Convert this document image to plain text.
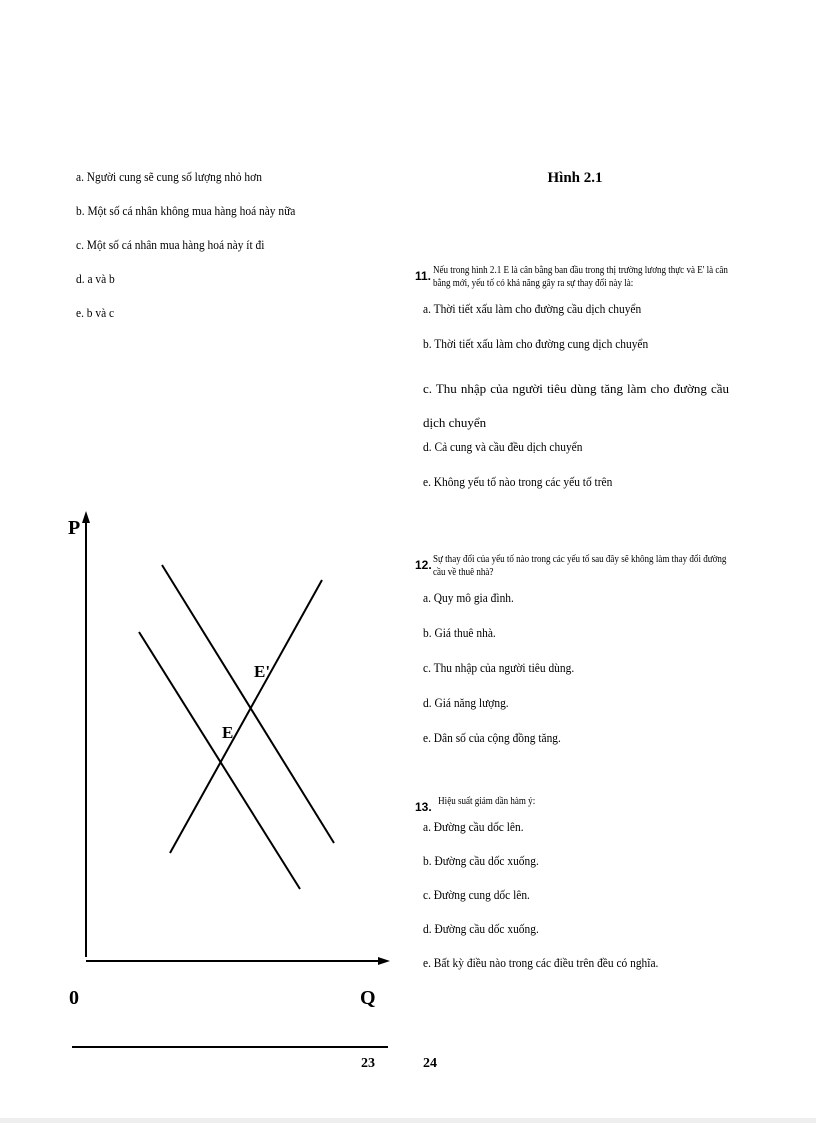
a. Người cung sẽ cung số lượng nhỏ hơn
b. Một số cá nhân không mua hàng hoá này nữa
c. Một số cá nhân mua hàng hoá này ít đi
d. a và b
e. b và c
P
Q
0
E
E'
Hình 2.1
11. Nếu trong hình 2.1 E là cân bằng ban đầu trong thị trường lương thực và E' là cân bằng mới, yếu tố có khả năng gây ra sự thay đổi này là:
a. Thời tiết xấu làm cho đường cầu dịch chuyển
b. Thời tiết xấu làm cho đường cung dịch chuyển
c. Thu nhập của người tiêu dùng tăng làm cho đường cầu dịch chuyển
d. Cả cung và cầu đều dịch chuyển
e. Không yếu tố nào trong các yếu tố trên
12. Sự thay đổi của yếu tố nào trong các yếu tố sau đây sẽ không làm thay đổi đường cầu về thuê nhà?
a. Quy mô gia đình.
b. Giá thuê nhà.
c. Thu nhập của người tiêu dùng.
d. Giá năng lượng.
e. Dân số của cộng đồng tăng.
13. Hiệu suất giảm dần hàm ý:
a. Đường cầu dốc lên.
b. Đường cầu dốc xuống.
c. Đường cung dốc lên.
d. Đường cầu dốc xuống.
e. Bất kỳ điều nào trong các điều trên đều có nghĩa.
23	24
